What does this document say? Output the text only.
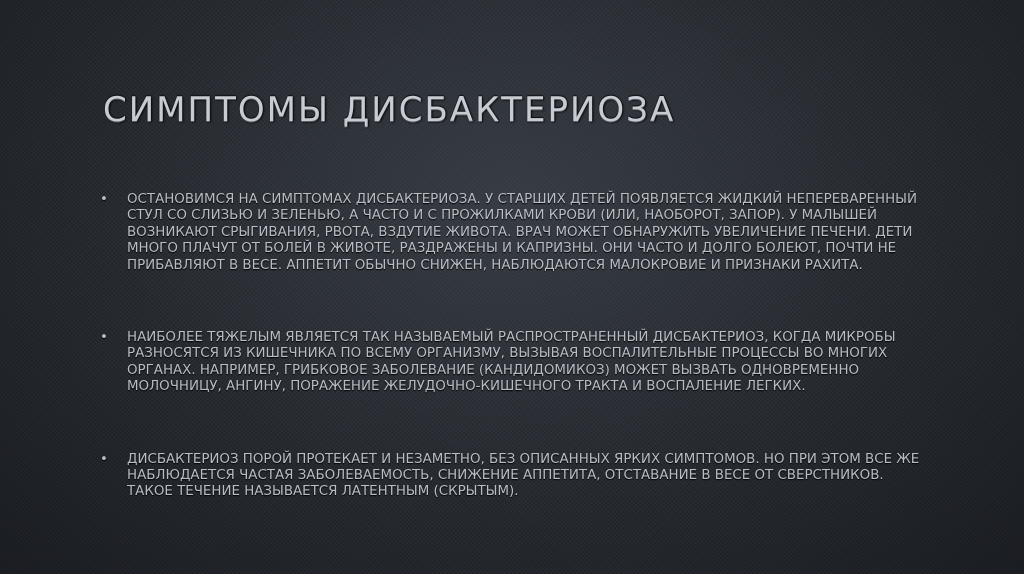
СИМПТОМЫ ДИСБАКТЕРИОЗА
• ОСТАНОВИМСЯ НА СИМПТОМАХ ДИСБАКТЕРИОЗА. У СТАРШИХ ДЕТЕЙ ПОЯВЛЯЕТСЯ ЖИДКИЙ НЕПЕРЕВАРЕННЫЙ СТУЛ СО СЛИЗЬЮ И ЗЕЛЕНЬЮ, А ЧАСТО И С ПРОЖИЛКАМИ КРОВИ (ИЛИ, НАОБОРОТ, ЗАПОР). У МАЛЫШЕЙ ВОЗНИКАЮТ СРЫГИВАНИЯ, РВОТА, ВЗДУТИЕ ЖИВОТА. ВРАЧ МОЖЕТ ОБНАРУЖИТЬ УВЕЛИЧЕНИЕ ПЕЧЕНИ. ДЕТИ МНОГО ПЛАЧУТ ОТ БОЛЕЙ В ЖИВОТЕ, РАЗДРАЖЕНЫ И КАПРИЗНЫ. ОНИ ЧАСТО И ДОЛГО БОЛЕЮТ, ПОЧТИ НЕ ПРИБАВЛЯЮТ В ВЕСЕ. АППЕТИТ ОБЫЧНО СНИЖЕН, НАБЛЮДАЮТСЯ МАЛОКРОВИЕ И ПРИЗНАКИ РАХИТА.
• НАИБОЛЕЕ ТЯЖЕЛЫМ ЯВЛЯЕТСЯ ТАК НАЗЫВАЕМЫЙ РАСПРОСТРАНЕННЫЙ ДИСБАКТЕРИОЗ, КОГДА МИКРОБЫ РАЗНОСЯТСЯ ИЗ КИШЕЧНИКА ПО ВСЕМУ ОРГАНИЗМУ, ВЫЗЫВАЯ ВОСПАЛИТЕЛЬНЫЕ ПРОЦЕССЫ ВО МНОГИХ ОРГАНАХ. НАПРИМЕР, ГРИБКОВОЕ ЗАБОЛЕВАНИЕ (КАНДИДОМИКОЗ) МОЖЕТ ВЫЗВАТЬ ОДНОВРЕМЕННО МОЛОЧНИЦУ, АНГИНУ, ПОРАЖЕНИЕ ЖЕЛУДОЧНО-КИШЕЧНОГО ТРАКТА И ВОСПАЛЕНИЕ ЛЕГКИХ.
• ДИСБАКТЕРИОЗ ПОРОЙ ПРОТЕКАЕТ И НЕЗАМЕТНО, БЕЗ ОПИСАННЫХ ЯРКИХ СИМПТОМОВ. НО ПРИ ЭТОМ ВСЕ ЖЕ НАБЛЮДАЕТСЯ ЧАСТАЯ ЗАБОЛЕВАЕМОСТЬ, СНИЖЕНИЕ АППЕТИТА, ОТСТАВАНИЕ В ВЕСЕ ОТ СВЕРСТНИКОВ. ТАКОЕ ТЕЧЕНИЕ НАЗЫВАЕТСЯ ЛАТЕНТНЫМ (СКРЫТЫМ).
